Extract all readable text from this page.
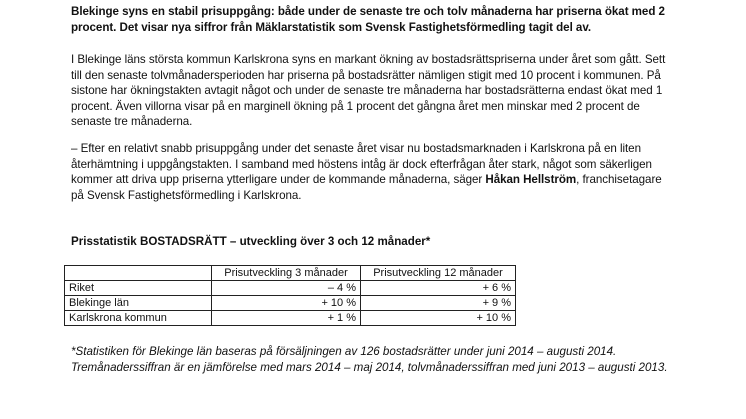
Blekinge syns en stabil prisuppgång: både under de senaste tre och tolv månaderna har priserna ökat med 2 procent. Det visar nya siffror från Mäklarstatistik som Svensk Fastighetsförmedling tagit del av.

I Blekinge läns största kommun Karlskrona syns en markant ökning av bostadsrättspriserna under året som gått. Sett till den senaste tolvmånadersperioden har priserna på bostadsrätter nämligen stigit med 10 procent i kommunen. På sistone har ökningstakten avtagit något och under de senaste tre månaderna har bostadsrätterna endast ökat med 1 procent. Även villorna visar på en marginell ökning på 1 procent det gångna året men minskar med 2 procent de senaste tre månaderna.

– Efter en relativt snabb prisuppgång under det senaste året visar nu bostadsmarknaden i Karlskrona på en liten återhämtning i uppgångstakten. I samband med höstens intåg är dock efterfrågan åter stark, något som säkerligen kommer att driva upp priserna ytterligare under de kommande månaderna, säger Håkan Hellström, franchisetagare på Svensk Fastighetsförmedling i Karlskrona.

Prisstatistik BOSTADSRÄTT – utveckling över 3 och 12 månader*

	Prisutveckling 3 månader	Prisutveckling 12 månader
Riket	– 4 %	+ 6 %
Blekinge län	+ 10 %	+ 9 %
Karlskrona kommun	+ 1 %	+ 10 %

*Statistiken för Blekinge län baseras på försäljningen av 126 bostadsrätter under juni 2014 – augusti 2014. Tremånaderssiffran är en jämförelse med mars 2014 – maj 2014, tolvmånaderssiffran med juni 2013 – augusti 2013.
